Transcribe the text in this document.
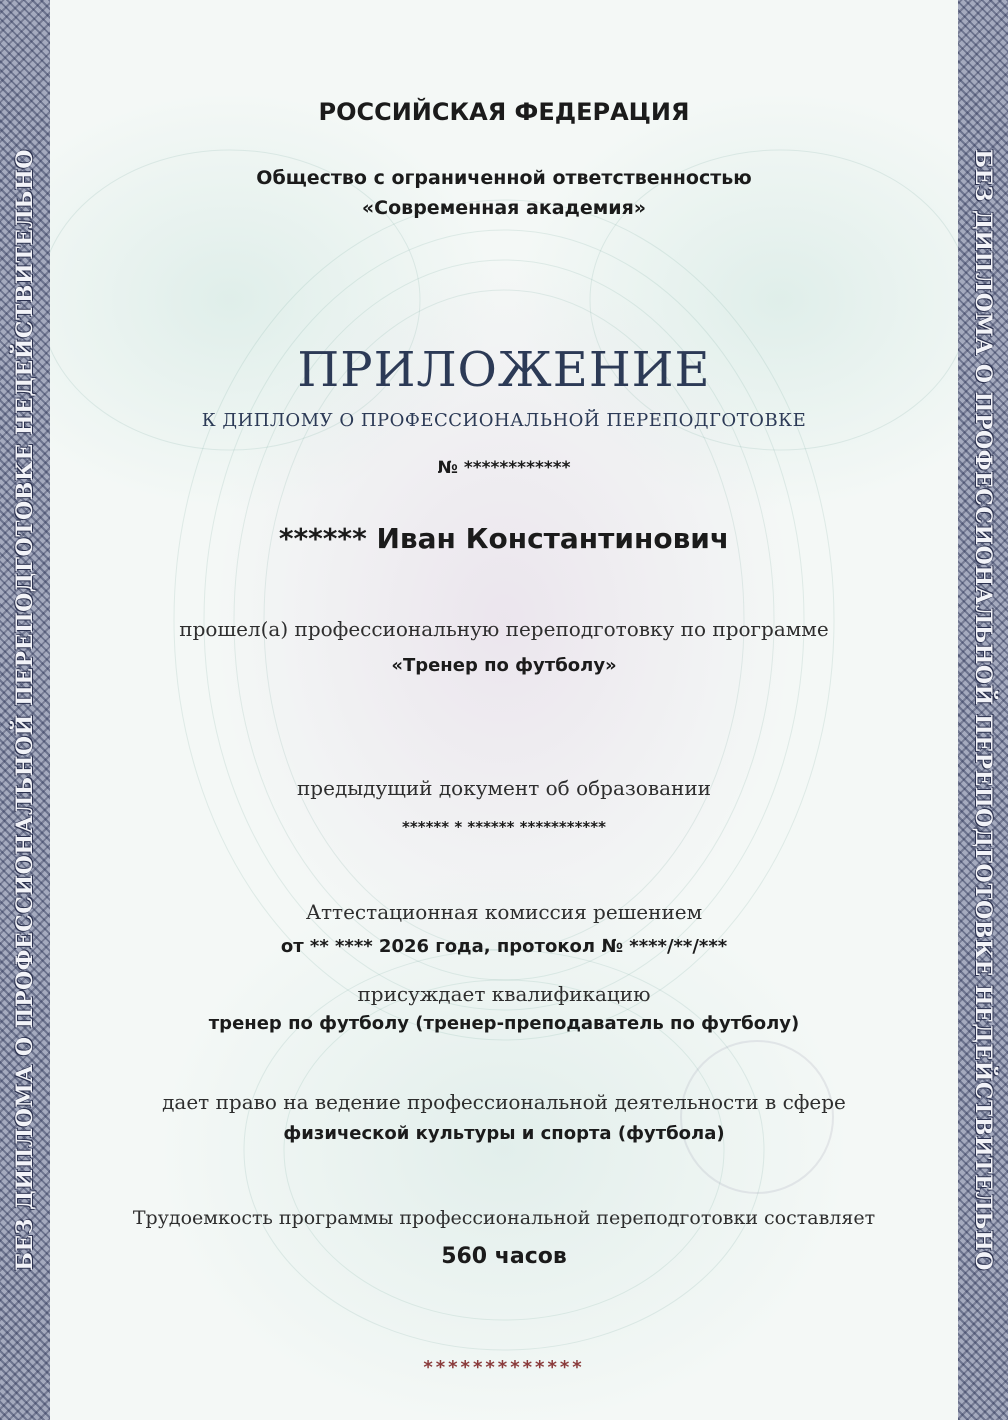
БЕЗ ДИПЛОМА О ПРОФЕССИОНАЛЬНОЙ ПЕРЕПОДГОТОВКЕ НЕДЕЙСТВИТЕЛЬНО	БЕЗ ДИПЛОМА О ПРОФЕССИОНАЛЬНОЙ ПЕРЕПОДГОТОВКЕ НЕДЕЙСТВИТЕЛЬНО
РОССИЙСКАЯ ФЕДЕРАЦИЯ
Общество с ограниченной ответственностью
«Современная академия»
ПРИЛОЖЕНИЕ
К ДИПЛОМУ О ПРОФЕССИОНАЛЬНОЙ ПЕРЕПОДГОТОВКЕ
№ ************
****** Иван Константинович
прошел(а) профессиональную переподготовку по программе
«Тренер по футболу»
предыдущий документ об образовании
****** * ****** ***********
Аттестационная комиссия решением
от ** **** 2026 года, протокол № ****/**/***
присуждает квалификацию
тренер по футболу (тренер-преподаватель по футболу)
дает право на ведение профессиональной деятельности в сфере
физической культуры и спорта (футбола)
Трудоемкость программы профессиональной переподготовки составляет
560 часов
*************
